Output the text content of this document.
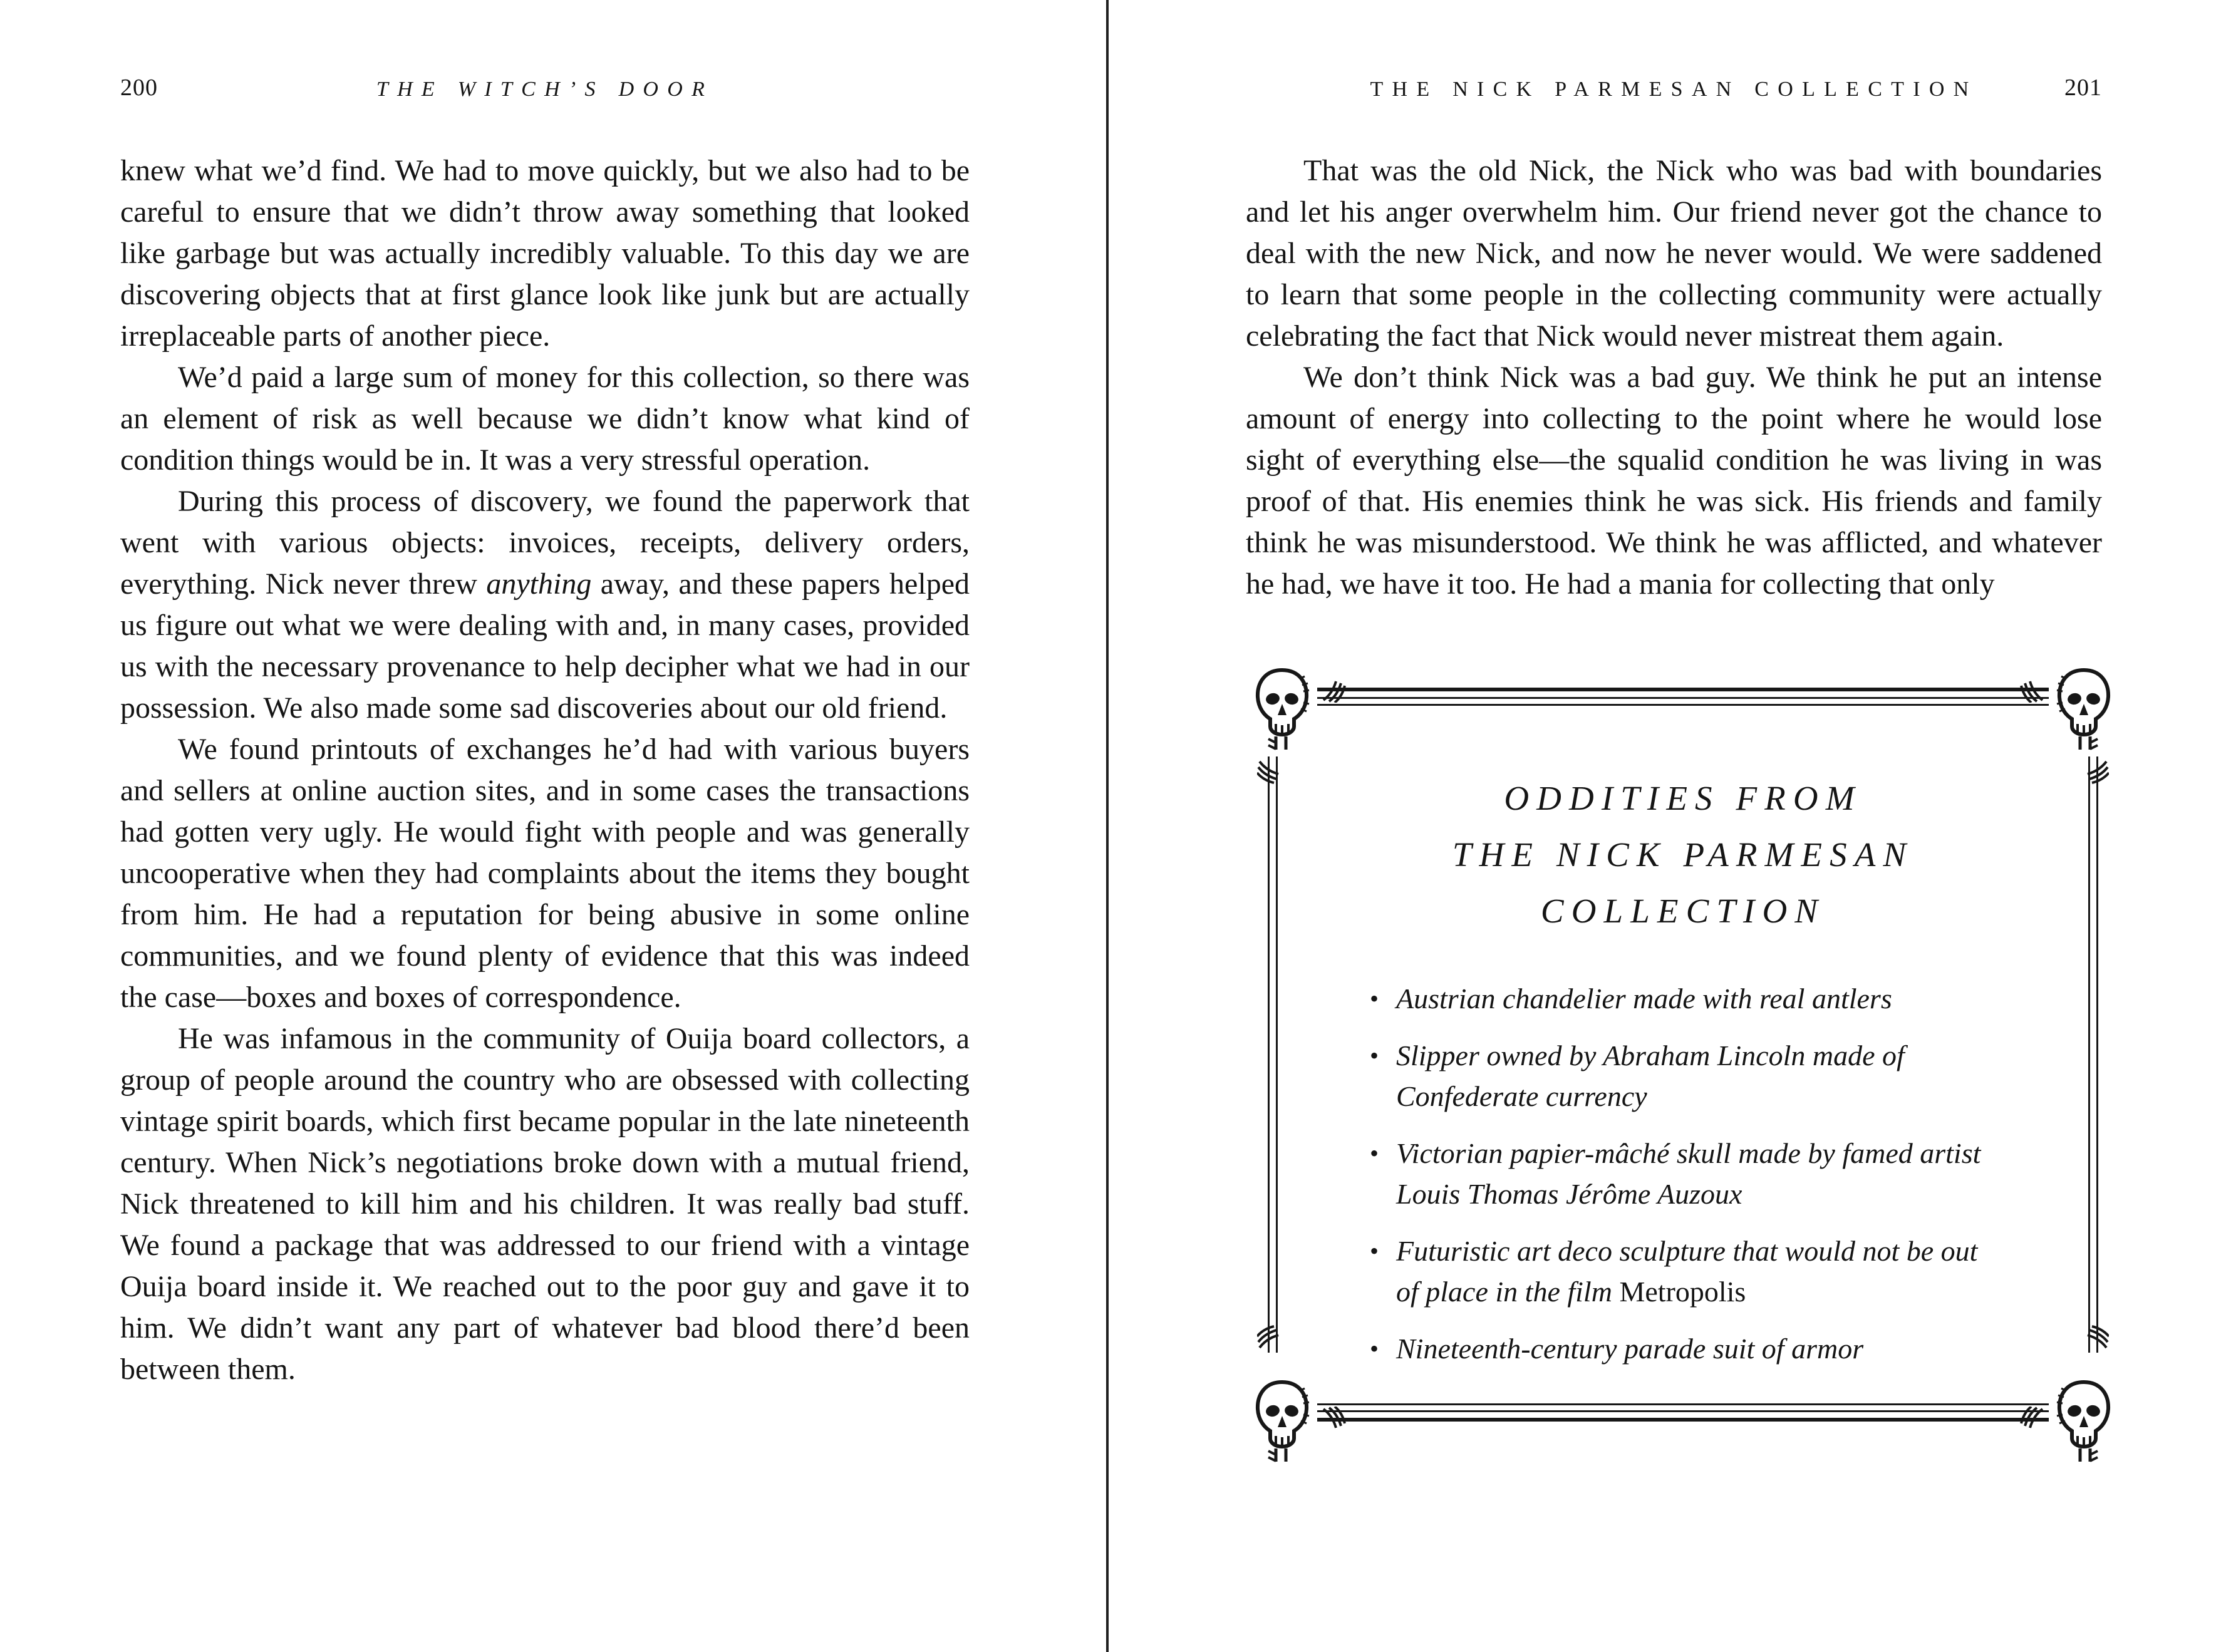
200	THE WITCH’S DOOR

knew what we’d find. We had to move quickly, but we also had to be careful to ensure that we didn’t throw away something that looked like garbage but was actually incredibly valuable. To this day we are discovering objects that at first glance look like junk but are actually irreplaceable parts of another piece.

We’d paid a large sum of money for this collection, so there was an element of risk as well because we didn’t know what kind of condition things would be in. It was a very stressful operation.

During this process of discovery, we found the paperwork that went with various objects: invoices, receipts, delivery orders, everything. Nick never threw anything away, and these papers helped us figure out what we were dealing with and, in many cases, provided us with the necessary provenance to help decipher what we had in our possession. We also made some sad discoveries about our old friend.

We found printouts of exchanges he’d had with various buyers and sellers at online auction sites, and in some cases the transactions had gotten very ugly. He would fight with people and was generally uncooperative when they had complaints about the items they bought from him. He had a reputation for being abusive in some online communities, and we found plenty of evidence that this was indeed the case—boxes and boxes of correspondence.

He was infamous in the community of Ouija board collectors, a group of people around the country who are obsessed with collecting vintage spirit boards, which first became popular in the late nineteenth century. When Nick’s negotiations broke down with a mutual friend, Nick threatened to kill him and his children. It was really bad stuff. We found a package that was addressed to our friend with a vintage Ouija board inside it. We reached out to the poor guy and gave it to him. We didn’t want any part of whatever bad blood there’d been between them.

THE NICK PARMESAN COLLECTION	201

That was the old Nick, the Nick who was bad with boundaries and let his anger overwhelm him. Our friend never got the chance to deal with the new Nick, and now he never would. We were saddened to learn that some people in the collecting community were actually celebrating the fact that Nick would never mistreat them again.

We don’t think Nick was a bad guy. We think he put an intense amount of energy into collecting to the point where he would lose sight of everything else—the squalid condition he was living in was proof of that. His enemies think he was sick. His friends and family think he was misunderstood. We think he was afflicted, and whatever he had, we have it too. He had a mania for collecting that only

ODDITIES FROM
THE NICK PARMESAN
COLLECTION
• Austrian chandelier made with real antlers
• Slipper owned by Abraham Lincoln made of Confederate currency
• Victorian papier-mâché skull made by famed artist Louis Thomas Jérôme Auzoux
• Futuristic art deco sculpture that would not be out of place in the film Metropolis
• Nineteenth-century parade suit of armor
